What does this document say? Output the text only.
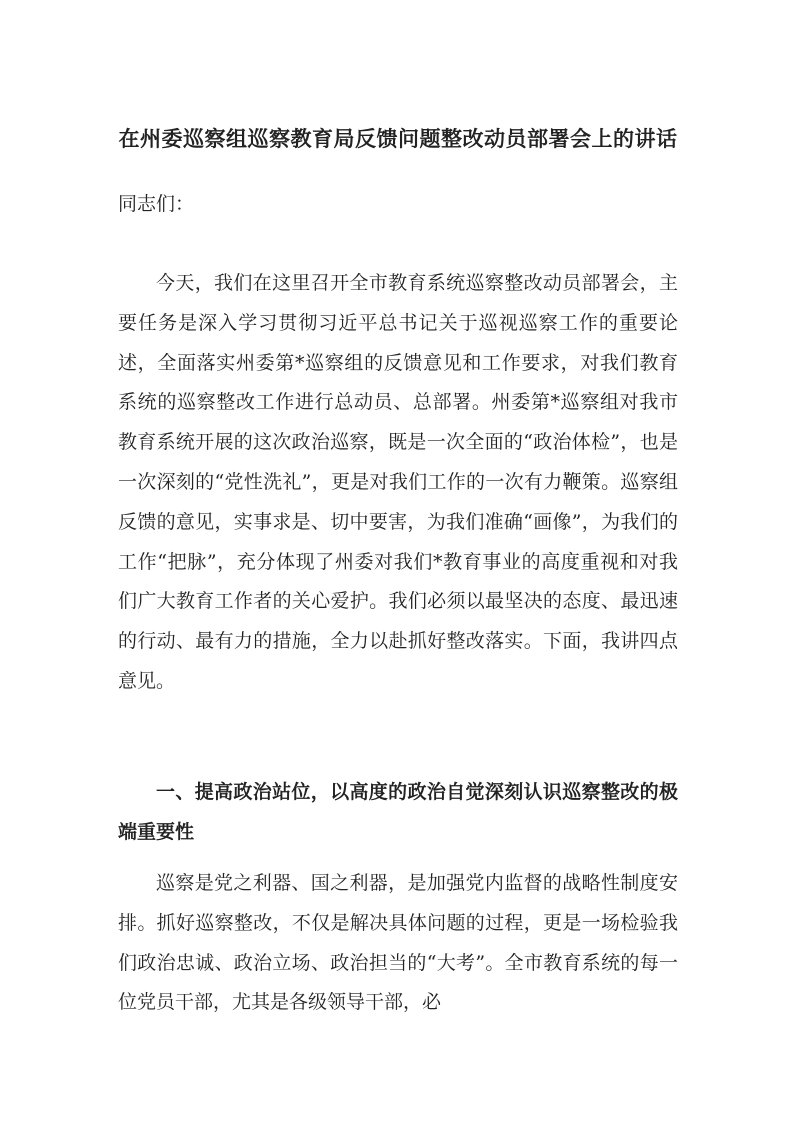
在州委巡察组巡察教育局反馈问题整改动员部署会上的讲话
同志们：

今天，我们在这里召开全市教育系统巡察整改动员部署会，主要任务是深入学习贯彻习近平总书记关于巡视巡察工作的重要论述，全面落实州委第*巡察组的反馈意见和工作要求，对我们教育系统的巡察整改工作进行总动员、总部署。州委第*巡察组对我市教育系统开展的这次政治巡察，既是一次全面的“政治体检”，也是一次深刻的“党性洗礼”，更是对我们工作的一次有力鞭策。巡察组反馈的意见，实事求是、切中要害，为我们准确“画像”，为我们的工作“把脉”，充分体现了州委对我们*教育事业的高度重视和对我们广大教育工作者的关心爱护。我们必须以最坚决的态度、最迅速的行动、最有力的措施，全力以赴抓好整改落实。下面，我讲四点意见。

一、提高政治站位，以高度的政治自觉深刻认识巡察整改的极端重要性

巡察是党之利器、国之利器，是加强党内监督的战略性制度安排。抓好巡察整改，不仅是解决具体问题的过程，更是一场检验我们政治忠诚、政治立场、政治担当的“大考”。全市教育系统的每一位党员干部，尤其是各级领导干部，必
